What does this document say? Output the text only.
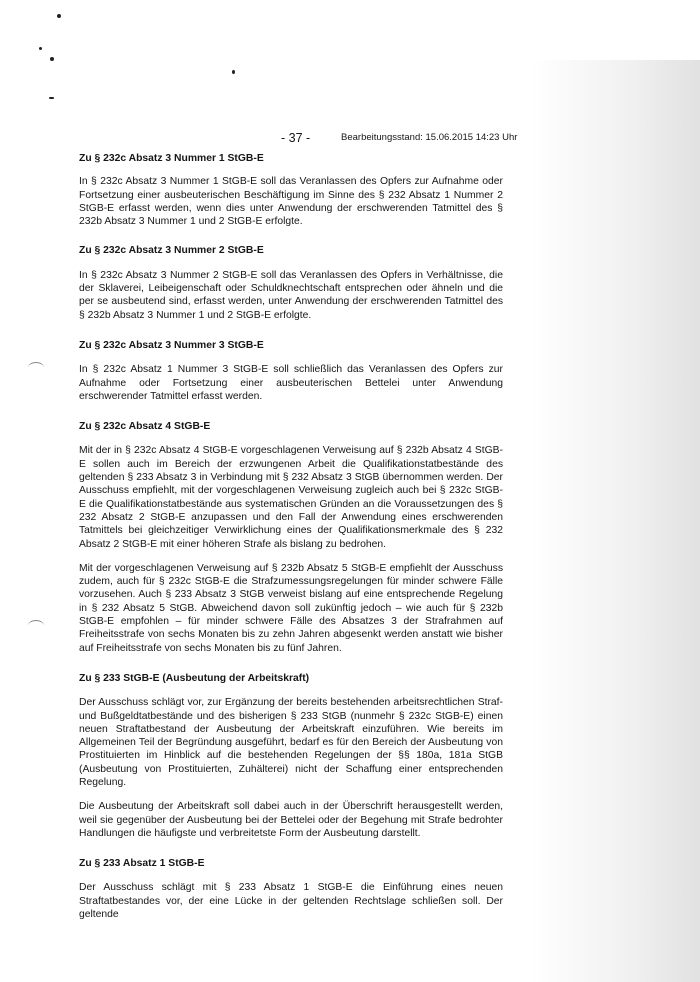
- 37 -	Bearbeitungsstand: 15.06.2015 14:23 Uhr
Zu § 232c Absatz 3 Nummer 1 StGB-E

In § 232c Absatz 3 Nummer 1 StGB-E soll das Veranlassen des Opfers zur Aufnahme oder Fortsetzung einer ausbeuterischen Beschäftigung im Sinne des § 232 Absatz 1 Nummer 2 StGB-E erfasst werden, wenn dies unter Anwendung der erschwerenden Tatmittel des § 232b Absatz 3 Nummer 1 und 2 StGB-E erfolgte.

Zu § 232c Absatz 3 Nummer 2 StGB-E

In § 232c Absatz 3 Nummer 2 StGB-E soll das Veranlassen des Opfers in Verhältnisse, die der Sklaverei, Leibeigenschaft oder Schuldknechtschaft entsprechen oder ähneln und die per se ausbeutend sind, erfasst werden, unter Anwendung der erschwerenden Tatmittel des § 232b Absatz 3 Nummer 1 und 2 StGB-E erfolgte.

Zu § 232c Absatz 3 Nummer 3 StGB-E

In § 232c Absatz 1 Nummer 3 StGB-E soll schließlich das Veranlassen des Opfers zur Aufnahme oder Fortsetzung einer ausbeuterischen Bettelei unter Anwendung erschwerender Tatmittel erfasst werden.

Zu § 232c Absatz 4 StGB-E

Mit der in § 232c Absatz 4 StGB-E vorgeschlagenen Verweisung auf § 232b Absatz 4 StGB-E sollen auch im Bereich der erzwungenen Arbeit die Qualifikationstatbestände des geltenden § 233 Absatz 3 in Verbindung mit § 232 Absatz 3 StGB übernommen werden. Der Ausschuss empfiehlt, mit der vorgeschlagenen Verweisung zugleich auch bei § 232c StGB-E die Qualifikationstatbestände aus systematischen Gründen an die Voraussetzungen des § 232 Absatz 2 StGB-E anzupassen und den Fall der Anwendung eines erschwerenden Tatmittels bei gleichzeitiger Verwirklichung eines der Qualifikationsmerkmale des § 232 Absatz 2 StGB-E mit einer höheren Strafe als bislang zu bedrohen.

Mit der vorgeschlagenen Verweisung auf § 232b Absatz 5 StGB-E empfiehlt der Ausschuss zudem, auch für § 232c StGB-E die Strafzumessungsregelungen für minder schwere Fälle vorzusehen. Auch § 233 Absatz 3 StGB verweist bislang auf eine entsprechende Regelung in § 232 Absatz 5 StGB. Abweichend davon soll zukünftig jedoch – wie auch für § 232b StGB-E empfohlen – für minder schwere Fälle des Absatzes 3 der Strafrahmen auf Freiheitsstrafe von sechs Monaten bis zu zehn Jahren abgesenkt werden anstatt wie bisher auf Freiheitsstrafe von sechs Monaten bis zu fünf Jahren.

Zu § 233 StGB-E (Ausbeutung der Arbeitskraft)

Der Ausschuss schlägt vor, zur Ergänzung der bereits bestehenden arbeitsrechtlichen Straf- und Bußgeldtatbestände und des bisherigen § 233 StGB (nunmehr § 232c StGB-E) einen neuen Straftatbestand der Ausbeutung der Arbeitskraft einzuführen. Wie bereits im Allgemeinen Teil der Begründung ausgeführt, bedarf es für den Bereich der Ausbeutung von Prostituierten im Hinblick auf die bestehenden Regelungen der §§ 180a, 181a StGB (Ausbeutung von Prostituierten, Zuhälterei) nicht der Schaffung einer entsprechenden Regelung.

Die Ausbeutung der Arbeitskraft soll dabei auch in der Überschrift herausgestellt werden, weil sie gegenüber der Ausbeutung bei der Bettelei oder der Begehung mit Strafe bedrohter Handlungen die häufigste und verbreitetste Form der Ausbeutung darstellt.

Zu § 233 Absatz 1 StGB-E

Der Ausschuss schlägt mit § 233 Absatz 1 StGB-E die Einführung eines neuen Straftatbestandes vor, der eine Lücke in der geltenden Rechtslage schließen soll. Der geltende
